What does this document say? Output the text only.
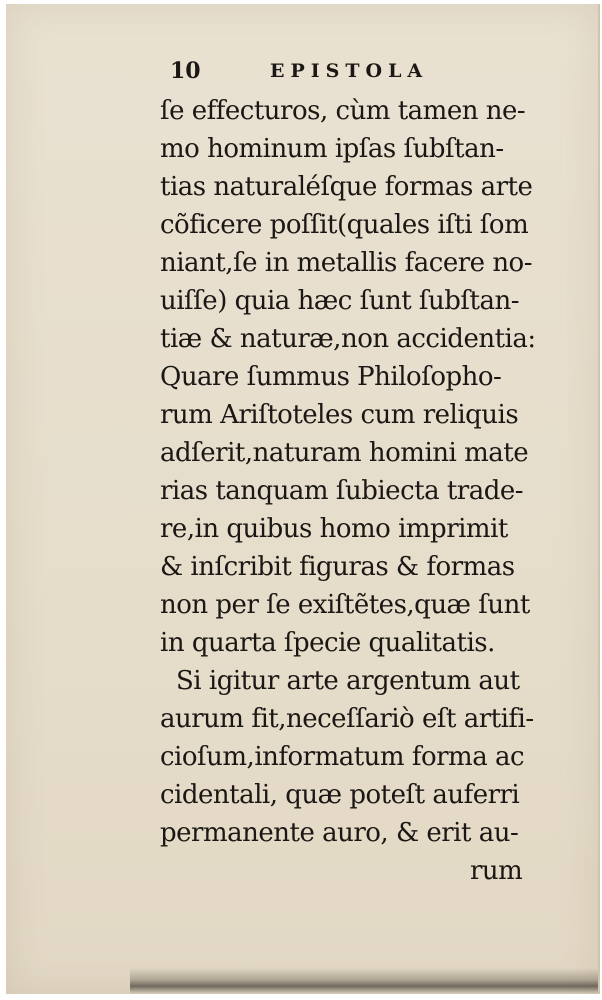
10	EPISTOLA
ſe effecturos, cùm tamen ne-
mo hominum ipſas ſubſtan-
tias naturaléſque formas arte
cõficere poſſit(quales iſti ſom
niant,ſe in metallis facere no-
uiſſe) quia hæc ſunt ſubſtan-
tiæ & naturæ,non accidentia:
Quare ſummus Philoſopho-
rum Ariſtoteles cum reliquis
adſerit,naturam homini mate
rias tanquam ſubiecta trade-
re,in quibus homo imprimit
& inſcribit figuras & formas
non per ſe exiſtẽtes,quæ ſunt
in quarta ſpecie qualitatis.
Si igitur arte argentum aut
aurum fit,neceſſariò eſt artifi-
cioſum,informatum forma ac
cidentali, quæ poteſt auferri
permanente auro, & erit au-
rum
